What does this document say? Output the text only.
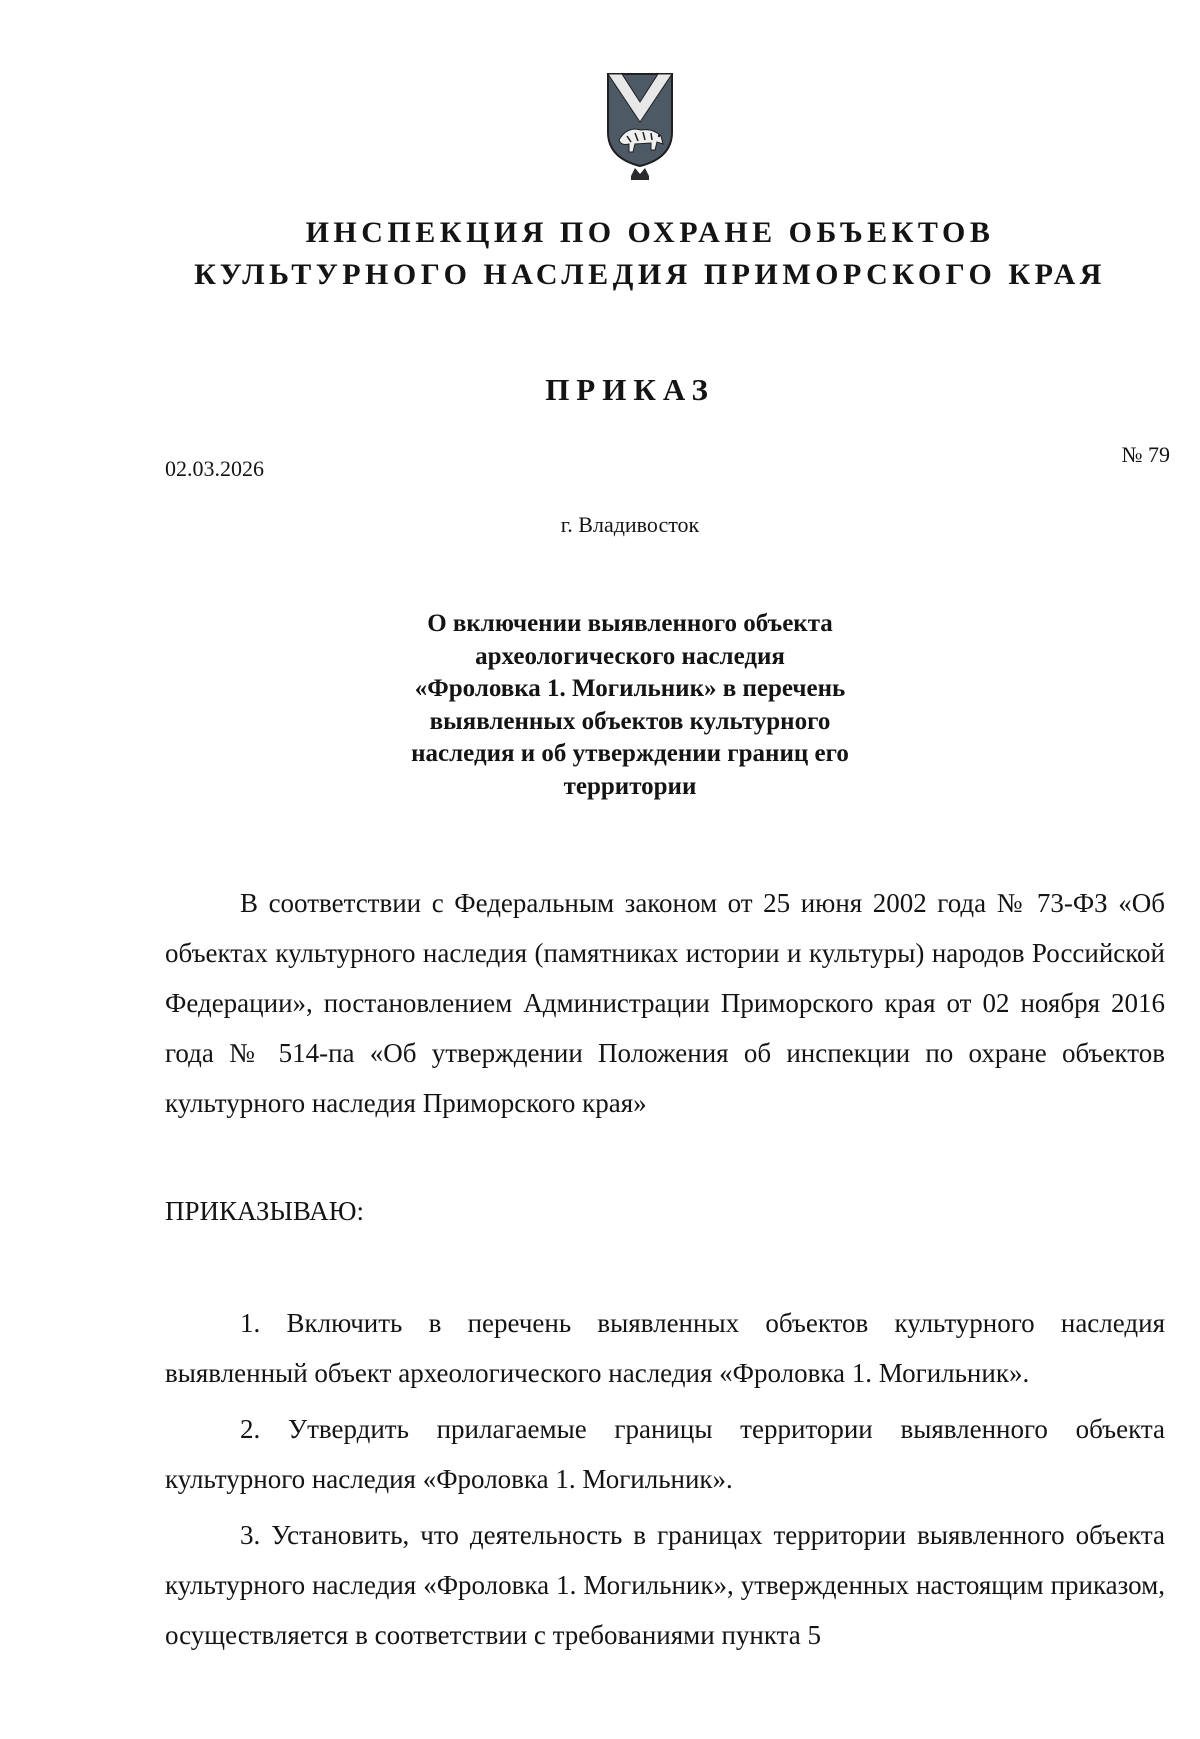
ИНСПЕКЦИЯ ПО ОХРАНЕ ОБЪЕКТОВ
КУЛЬТУРНОГО НАСЛЕДИЯ ПРИМОРСКОГО КРАЯ
ПРИКАЗ
02.03.2026
№ 79
г. Владивосток
О включении выявленного объекта
археологического наследия
«Фроловка 1. Могильник» в перечень
выявленных объектов культурного
наследия и об утверждении границ его
территории

В соответствии с Федеральным законом от 25 июня 2002 года № 73-ФЗ «Об объектах культурного наследия (памятниках истории и культуры) народов Российской Федерации», постановлением Администрации Приморского края от 02 ноября 2016 года № 514-па «Об утверждении Положения об инспекции по охране объектов культурного наследия Приморского края»

ПРИКАЗЫВАЮ:

1. Включить в перечень выявленных объектов культурного наследия выявленный объект археологического наследия «Фроловка 1. Могильник».

2. Утвердить прилагаемые границы территории выявленного объекта культурного наследия «Фроловка 1. Могильник».

3. Установить, что деятельность в границах территории выявленного объекта культурного наследия «Фроловка 1. Могильник», утвержденных настоящим приказом, осуществляется в соответствии с требованиями пункта 5
